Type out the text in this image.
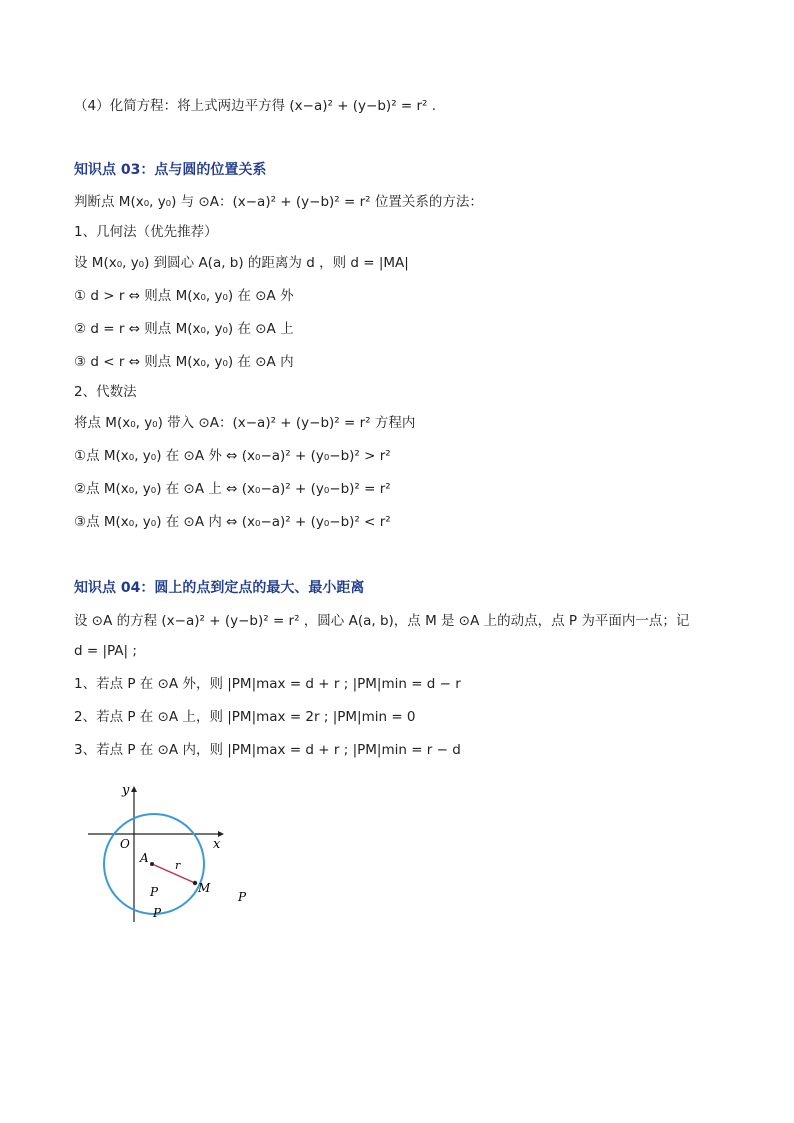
（4）化简方程：将上式两边平方得 (x−a)² + (y−b)² = r² .
知识点 03：点与圆的位置关系
判断点 M(x₀, y₀) 与 ⊙A：(x−a)² + (y−b)² = r² 位置关系的方法：
1、几何法（优先推荐）
设 M(x₀, y₀) 到圆心 A(a, b) 的距离为 d ，则 d = |MA|
① d > r ⇔ 则点 M(x₀, y₀) 在 ⊙A 外
② d = r ⇔ 则点 M(x₀, y₀) 在 ⊙A 上
③ d < r ⇔ 则点 M(x₀, y₀) 在 ⊙A 内
2、代数法
将点 M(x₀, y₀) 带入 ⊙A：(x−a)² + (y−b)² = r² 方程内
①点 M(x₀, y₀) 在 ⊙A 外 ⇔ (x₀−a)² + (y₀−b)² > r²
②点 M(x₀, y₀) 在 ⊙A 上 ⇔ (x₀−a)² + (y₀−b)² = r²
③点 M(x₀, y₀) 在 ⊙A 内 ⇔ (x₀−a)² + (y₀−b)² < r²
知识点 04：圆上的点到定点的最大、最小距离
设 ⊙A 的方程 (x−a)² + (y−b)² = r² ，圆心 A(a, b)，点 M 是 ⊙A 上的动点，点 P 为平面内一点；记
d = |PA| ;
1、若点 P 在 ⊙A 外，则 |PM|max = d + r ; |PM|min = d − r
2、若点 P 在 ⊙A 上，则 |PM|max = 2r ; |PM|min = 0
3、若点 P 在 ⊙A 内，则 |PM|max = d + r ; |PM|min = r − d
y
x
O
A
r
M
P
P
P
